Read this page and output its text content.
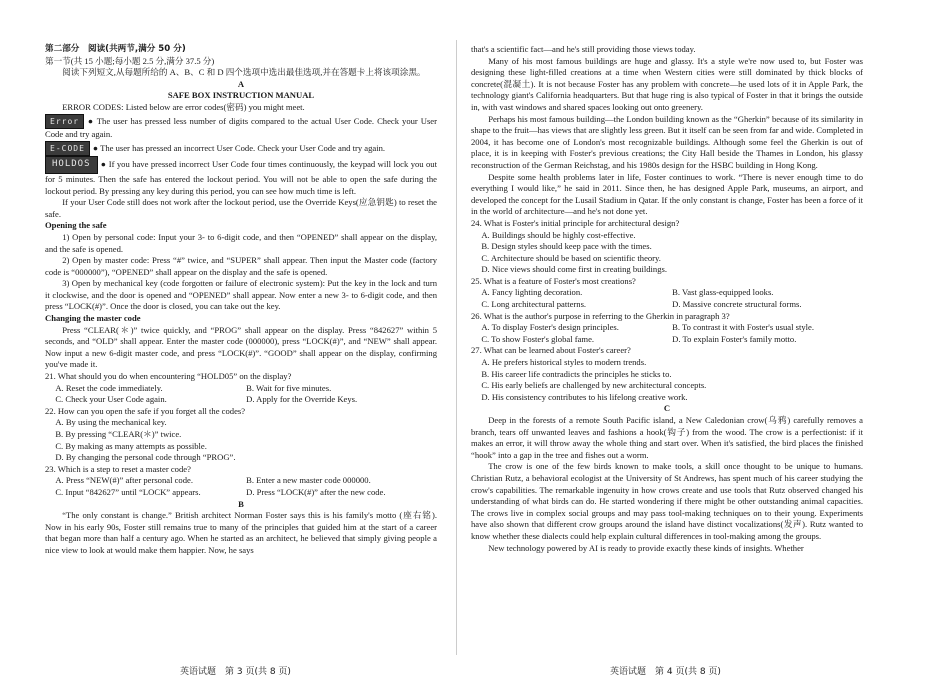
第二部分　阅读(共两节,满分 50 分)

第一节(共 15 小题;每小题 2.5 分,满分 37.5 分)

阅读下列短文,从每题所给的 A、B、C 和 D 四个选项中选出最佳选项,并在答题卡上将该项涂黑。

A

SAFE BOX INSTRUCTION MANUAL

ERROR CODES: Listed below are error codes(密码) you might meet.

Error ● The user has pressed less number of digits compared to the actual User Code. Check your User Code and try again.

E-CODE ● The user has pressed an incorrect User Code. Check your User Code and try again.

HOLDOS ● If you have pressed incorrect User Code four times continuously, the keypad will lock you out for 5 minutes. Then the safe has entered the lockout period. You will not be able to open the safe during the lockout period. By pressing any key during this period, you can see how much time is left.

If your User Code still does not work after the lockout period, use the Override Keys(应急钥匙) to reset the safe.

Opening the safe

1) Open by personal code: Input your 3- to 6-digit code, and then “OPENED” shall appear on the display, and the safe is opened.

2) Open by master code: Press “#” twice, and “SUPER” shall appear. Then input the Master code (factory code is “000000”), “OPENED” shall appear on the display and the safe is opened.

3) Open by mechanical key (code forgotten or failure of electronic system): Put the key in the lock and turn it clockwise, and the door is opened and “OPENED” shall appear. Now enter a new 3- to 6-digit code, and then press “LOCK(#)”. Once the door is closed, you can take out the key.

Changing the master code

Press “CLEAR(＊)” twice quickly, and “PROG” shall appear on the display. Press “842627” within 5 seconds, and “OLD” shall appear. Enter the master code (000000), press “LOCK(#)”, and “NEW” shall appear. Now input a new 6-digit master code, and press “LOCK(#)”. “GOOD” shall appear on the display, confirming you've made it.

21. What should you do when encountering “HOLD05” on the display?

A. Reset the code immediately.	B. Wait for five minutes.
C. Check your User Code again.	D. Apply for the Override Keys.

22. How can you open the safe if you forget all the codes?

A. By using the mechanical key.

B. By pressing “CLEAR(＊)” twice.

C. By making as many attempts as possible.

D. By changing the personal code through “PROG”.

23. Which is a step to reset a master code?

A. Press “NEW(#)” after personal code.	B. Enter a new master code 000000.
C. Input “842627” until “LOCK” appears.	D. Press “LOCK(#)” after the new code.

B

“The only constant is change.” British architect Norman Foster says this is his family's motto (座右铭). Now in his early 90s, Foster still remains true to many of the principles that guided him at the start of a career that began more than half a century ago. When he started as an architect, he believed that simply giving people a nice view to look at would make them happier. Now, he says

that's a scientific fact—and he's still providing those views today.

Many of his most famous buildings are huge and glassy. It's a style we're now used to, but Foster was designing these light-filled creations at a time when Western cities were still dominated by thick blocks of concrete(混凝土). It is not because Foster has any problem with concrete—he used lots of it in Apple Park, the technology giant's California headquarters. But that huge ring is also typical of Foster in that it brings the outside in, with vast windows and shared spaces looking out onto greenery.

Perhaps his most famous building—the London building known as the “Gherkin” because of its similarity in shape to the fruit—has views that are slightly less green. But it itself can be seen from far and wide. Completed in 2004, it has become one of London's most recognizable buildings. Although some feel the Gherkin is out of place, it is in keeping with Foster's previous creations; the City Hall beside the Thames in London, his glassy reconstruction of the German Reichstag, and his 1980s design for the HSBC building in Hong Kong.

Despite some health problems later in life, Foster continues to work. “There is never enough time to do everything I would like,” he said in 2011. Since then, he has designed Apple Park, museums, an airport, and developed the concept for the Lusail Stadium in Qatar. If the only constant is change, Foster has been a force of it in the world of architecture—and he's not done yet.

24. What is Foster's initial principle for architectural design?

A. Buildings should be highly cost-effective.

B. Design styles should keep pace with the times.

C. Architecture should be based on scientific theory.

D. Nice views should come first in creating buildings.

25. What is a feature of Foster's most creations?

A. Fancy lighting decoration.	B. Vast glass-equipped looks.
C. Long architectural patterns.	D. Massive concrete structural forms.

26. What is the author's purpose in referring to the Gherkin in paragraph 3?

A. To display Foster's design principles.	B. To contrast it with Foster's usual style.
C. To show Foster's global fame.	D. To explain Foster's family motto.

27. What can be learned about Foster's career?

A. He prefers historical styles to modern trends.

B. His career life contradicts the principles he sticks to.

C. His early beliefs are challenged by new architectural concepts.

D. His consistency contributes to his lifelong creative work.

C

Deep in the forests of a remote South Pacific island, a New Caledonian crow(乌鸦) carefully removes a branch, tears off unwanted leaves and fashions a hook(钩子) from the wood. The crow is a perfectionist: if it makes an error, it will throw away the whole thing and start over. When it's satisfied, the bird places the finished “hook” into a gap in the tree and fishes out a worm.

The crow is one of the few birds known to make tools, a skill once thought to be unique to humans. Christian Rutz, a behavioral ecologist at the University of St Andrews, has spent much of his career studying the crow's capabilities. The remarkable ingenuity in how crows create and use tools that Rutz observed changed his understanding of what birds can do. He started wondering if there might be other outstanding animal capacities. The crows live in complex social groups and may pass tool-making techniques on to their young. Experiments have also shown that different crow groups around the island have distinct vocalizations(发声). Rutz wanted to know whether these dialects could help explain cultural differences in tool-making among the groups.

New technology powered by AI is ready to provide exactly these kinds of insights. Whether

英语试题　第 3 页(共 8 页)	英语试题　第 4 页(共 8 页)
